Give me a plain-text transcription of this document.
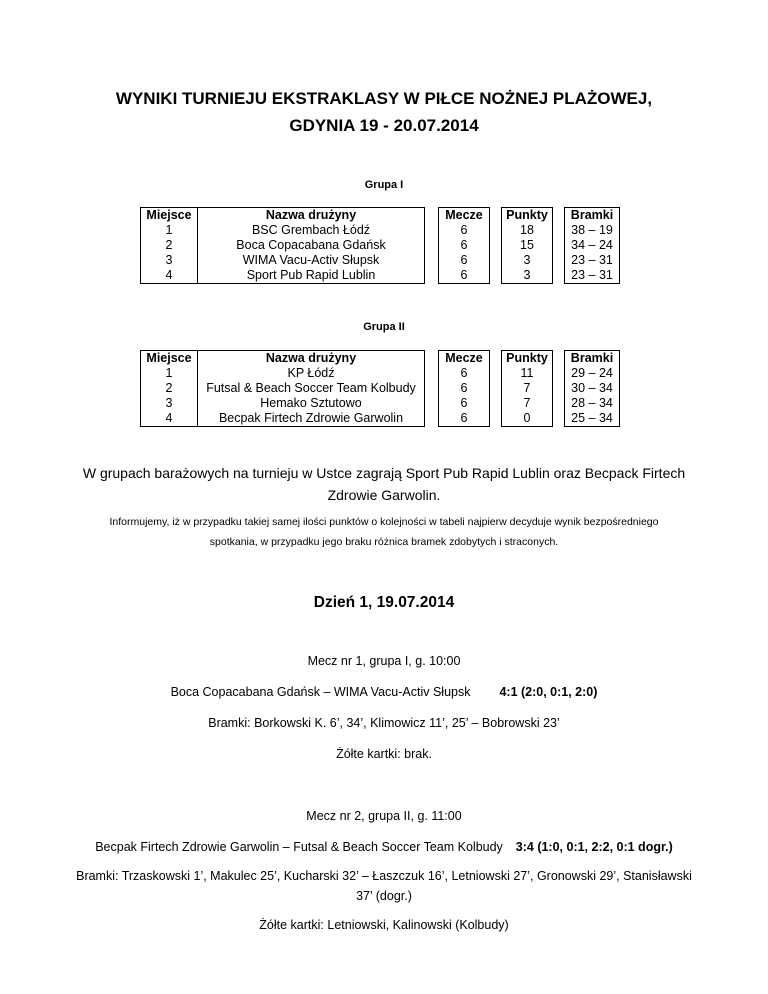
WYNIKI TURNIEJU EKSTRAKLASY W PIŁCE NOŻNEJ PLAŻOWEJ,
GDYNIA 19 - 20.07.2014
Grupa I
Miejsce	Nazwa drużyny		Mecze		Punkty		Bramki
1	BSC Grembach Łódź		6		18		38 – 19
2	Boca Copacabana Gdańsk		6		15		34 – 24
3	WIMA Vacu-Activ Słupsk		6		3		23 – 31
4	Sport Pub Rapid Lublin		6		3		23 – 31
Grupa II
Miejsce	Nazwa drużyny		Mecze		Punkty		Bramki
1	KP Łódź		6		11		29 – 24
2	Futsal & Beach Soccer Team Kolbudy		6		7		30 – 34
3	Hemako Sztutowo		6		7		28 – 34
4	Becpak Firtech Zdrowie Garwolin		6		0		25 – 34
W grupach barażowych na turnieju w Ustce zagrają Sport Pub Rapid Lublin oraz Becpack Firtech
Zdrowie Garwolin.
Informujemy, iż w przypadku takiej samej ilości punktów o kolejności w tabeli najpierw decyduje wynik bezpośredniego
spotkania, w przypadku jego braku różnica bramek zdobytych i straconych.
Dzień 1, 19.07.2014
Mecz nr 1, grupa I, g. 10:00
Boca Copacabana Gdańsk – WIMA Vacu-Activ Słupsk 4:1 (2:0, 0:1, 2:0)
Bramki: Borkowski K. 6’, 34’, Klimowicz 11’, 25’ – Bobrowski 23’
Żółte kartki: brak.
Mecz nr 2, grupa II, g. 11:00
Becpak Firtech Zdrowie Garwolin – Futsal & Beach Soccer Team Kolbudy 3:4 (1:0, 0:1, 2:2, 0:1 dogr.)
Bramki: Trzaskowski 1’, Makulec 25’, Kucharski 32’ – Łaszczuk 16’, Letniowski 27’, Gronowski 29’, Stanisławski
37’ (dogr.)
Żółte kartki: Letniowski, Kalinowski (Kolbudy)
